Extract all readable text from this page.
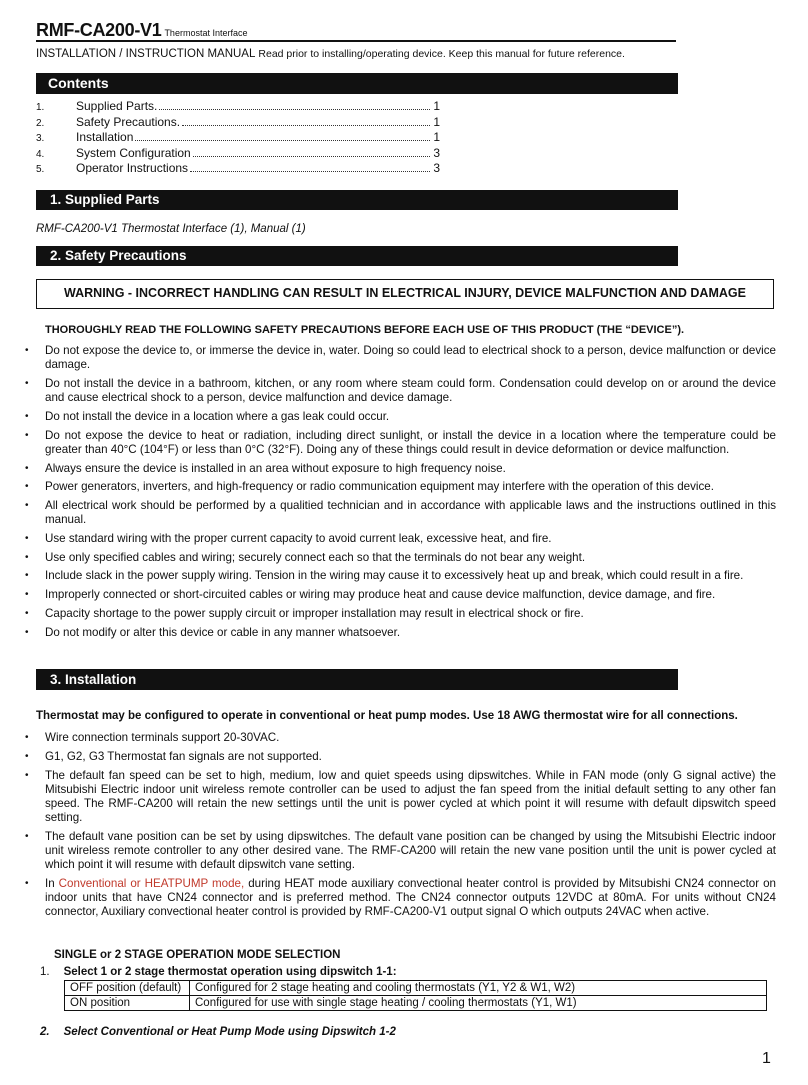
RMF-CA200-V1 Thermostat Interface
INSTALLATION / INSTRUCTION MANUAL Read prior to installing/operating device. Keep this manual for future reference.
Contents
1.	Supplied Parts.	1
2.	Safety Precautions.	1
3.	Installation	1
4.	System Configuration	3
5.	Operator Instructions	3
1. Supplied Parts
RMF-CA200-V1 Thermostat Interface (1), Manual (1)
2. Safety Precautions
WARNING - INCORRECT HANDLING CAN RESULT IN ELECTRICAL INJURY, DEVICE MALFUNCTION AND DAMAGE
THOROUGHLY READ THE FOLLOWING SAFETY PRECAUTIONS BEFORE EACH USE OF THIS PRODUCT (THE “DEVICE”).
• Do not expose the device to, or immerse the device in, water. Doing so could lead to electrical shock to a person, device malfunction or device damage.
• Do not install the device in a bathroom, kitchen, or any room where steam could form. Condensation could develop on or around the device and cause electrical shock to a person, device malfunction and device damage.
• Do not install the device in a location where a gas leak could occur.
• Do not expose the device to heat or radiation, including direct sunlight, or install the device in a location where the temperature could be greater than 40°C (104°F) or less than 0°C (32°F). Doing any of these things could result in device deformation or device malfunction.
• Always ensure the device is installed in an area without exposure to high frequency noise.
• Power generators, inverters, and high-frequency or radio communication equipment may interfere with the operation of this device.
• All electrical work should be performed by a qualitied technician and in accordance with applicable laws and the instructions outlined in this manual.
• Use standard wiring with the proper current capacity to avoid current leak, excessive heat, and fire.
• Use only specified cables and wiring; securely connect each so that the terminals do not bear any weight.
• Include slack in the power supply wiring. Tension in the wiring may cause it to excessively heat up and break, which could result in a fire.
• Improperly connected or short-circuited cables or wiring may produce heat and cause device malfunction, device damage, and fire.
• Capacity shortage to the power supply circuit or improper installation may result in electrical shock or fire.
• Do not modify or alter this device or cable in any manner whatsoever.
3. Installation
Thermostat may be configured to operate in conventional or heat pump modes. Use 18 AWG thermostat wire for all connections.
• Wire connection terminals support 20-30VAC.
• G1, G2, G3 Thermostat fan signals are not supported.
• The default fan speed can be set to high, medium, low and quiet speeds using dipswitches. While in FAN mode (only G signal active) the Mitsubishi Electric indoor unit wireless remote controller can be used to adjust the fan speed from the initial default setting to any other fan speed. The RMF-CA200 will retain the new settings until the unit is power cycled at which point it will resume with default dipswitch speed setting.
• The default vane position can be set by using dipswitches. The default vane position can be changed by using the Mitsubishi Electric indoor unit wireless remote controller to any other desired vane. The RMF-CA200 will retain the new vane position until the unit is power cycled at which point it will resume with default dipswitch vane setting.
• In Conventional or HEATPUMP mode, during HEAT mode auxiliary convectional heater control is provided by Mitsubishi CN24 connector on indoor units that have CN24 connector and is preferred method. The CN24 connector outputs 12VDC at 80mA. For units without CN24 connector, Auxiliary convectional heater control is provided by RMF-CA200-V1 output signal O which outputs 24VAC when active.
SINGLE or 2 STAGE OPERATION MODE SELECTION
1. Select 1 or 2 stage thermostat operation using dipswitch 1-1:
OFF position (default)	Configured for 2 stage heating and cooling thermostats (Y1, Y2 & W1, W2)
ON position	Configured for use with single stage heating / cooling thermostats (Y1, W1)
2. Select Conventional or Heat Pump Mode using Dipswitch 1-2
1
